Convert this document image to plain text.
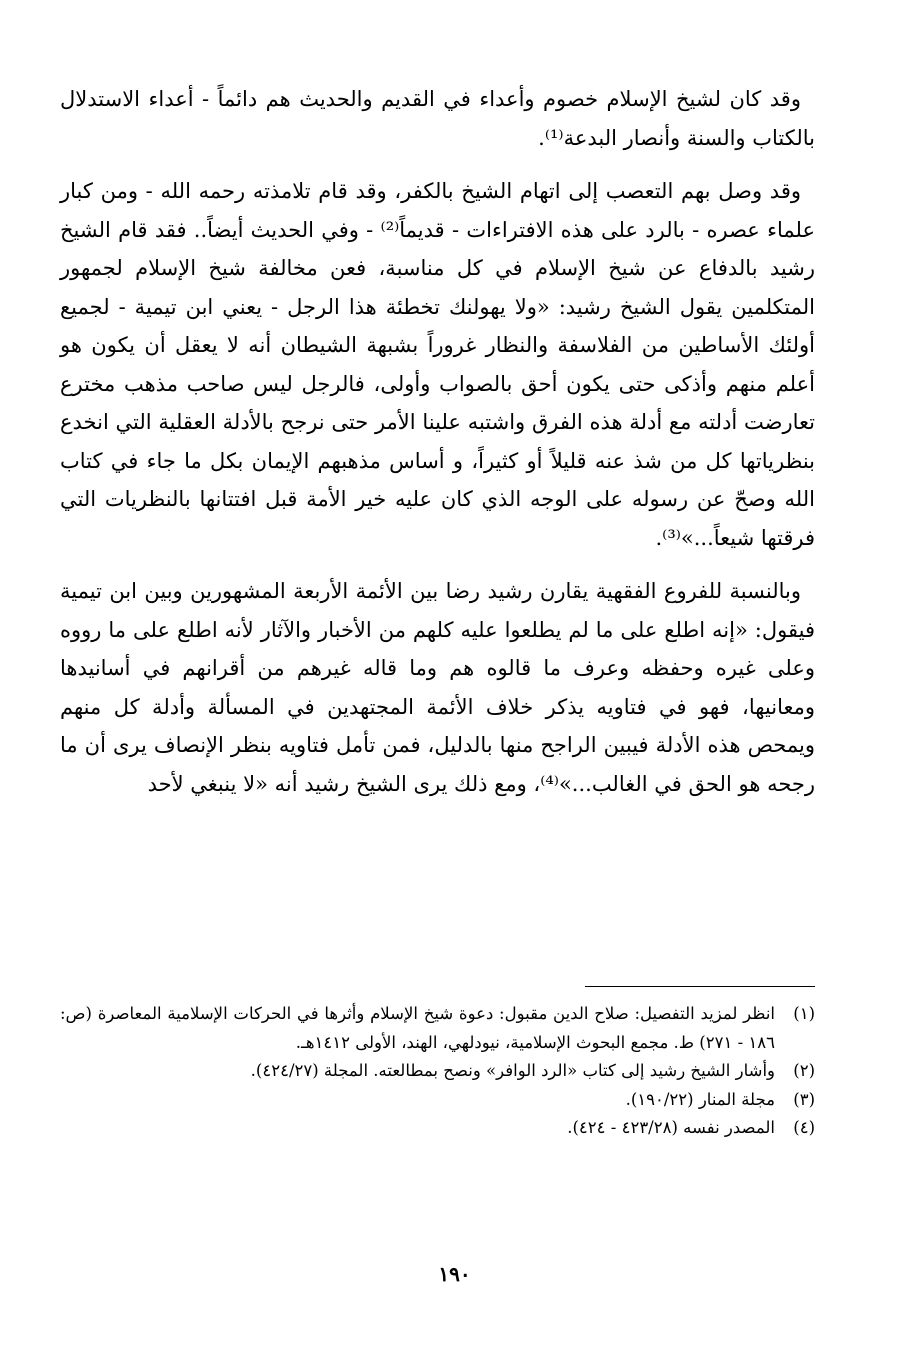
وقد كان لشيخ الإسلام خصوم وأعداء في القديم والحديث هم دائماً - أعداء الاستدلال بالكتاب والسنة وأنصار البدعة⁽¹⁾.

وقد وصل بهم التعصب إلى اتهام الشيخ بالكفر، وقد قام تلامذته رحمه الله - ومن كبار علماء عصره - بالرد على هذه الافتراءات - قديماً⁽²⁾ - وفي الحديث أيضاً.. فقد قام الشيخ رشيد بالدفاع عن شيخ الإسلام في كل مناسبة، فعن مخالفة شيخ الإسلام لجمهور المتكلمين يقول الشيخ رشيد: «ولا يهولنك تخطئة هذا الرجل - يعني ابن تيمية - لجميع أولئك الأساطين من الفلاسفة والنظار غروراً بشبهة الشيطان أنه لا يعقل أن يكون هو أعلم منهم وأذكى حتى يكون أحق بالصواب وأولى، فالرجل ليس صاحب مذهب مخترع تعارضت أدلته مع أدلة هذه الفرق واشتبه علينا الأمر حتى نرجح بالأدلة العقلية التي انخدع بنظرياتها كل من شذ عنه قليلاً أو كثيراً، و أساس مذهبهم الإيمان بكل ما جاء في كتاب الله وصحّ عن رسوله على الوجه الذي كان عليه خير الأمة قبل افتتانها بالنظريات التي فرقتها شيعاً...»⁽³⁾.

وبالنسبة للفروع الفقهية يقارن رشيد رضا بين الأئمة الأربعة المشهورين وبين ابن تيمية فيقول: «إنه اطلع على ما لم يطلعوا عليه كلهم من الأخبار والآثار لأنه اطلع على ما رووه وعلى غيره وحفظه وعرف ما قالوه هم وما قاله غيرهم من أقرانهم في أسانيدها ومعانيها، فهو في فتاويه يذكر خلاف الأئمة المجتهدين في المسألة وأدلة كل منهم ويمحص هذه الأدلة فيبين الراجح منها بالدليل، فمن تأمل فتاويه بنظر الإنصاف يرى أن ما رجحه هو الحق في الغالب...»⁽⁴⁾، ومع ذلك يرى الشيخ رشيد أنه «لا ينبغي لأحد

(١)
انظر لمزيد التفصيل: صلاح الدين مقبول: دعوة شيخ الإسلام وأثرها في الحركات الإسلامية المعاصرة (ص: ١٨٦ - ٢٧١) ط. مجمع البحوث الإسلامية، نيودلهي، الهند، الأولى ١٤١٢هـ.
(٢)
وأشار الشيخ رشيد إلى كتاب «الرد الوافر» ونصح بمطالعته. المجلة (٤٢٤/٢٧).
(٣)
مجلة المنار (١٩٠/٢٢).
(٤)
المصدر نفسه (٤٢٣/٢٨ - ٤٢٤).
١٩٠
